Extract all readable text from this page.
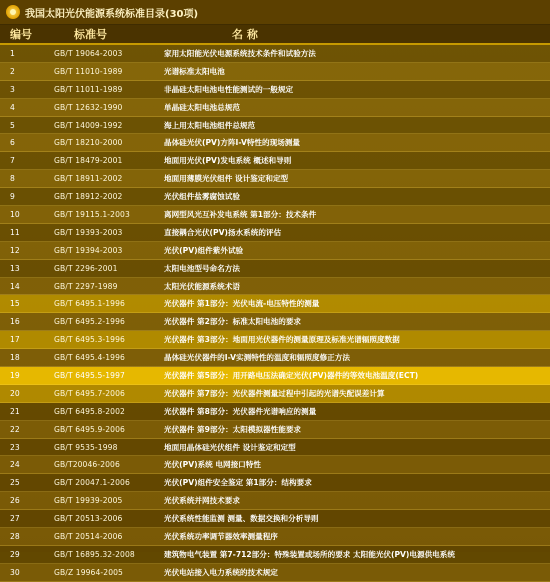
我国太阳光伏能源系统标准目录(30项)
编号	标准号	名 称
1	GB/T 19064-2003	家用太阳能光伏电源系统技术条件和试验方法
2	GB/T 11010-1989	光谱标准太阳电池
3	GB/T 11011-1989	非晶硅太阳电池电性能测试的一般规定
4	GB/T 12632-1990	单晶硅太阳电池总规范
5	GB/T 14009-1992	海上用太阳电池组件总规范
6	GB/T 18210-2000	晶体硅光伏(PV)方阵I-V特性的现场测量
7	GB/T 18479-2001	地面用光伏(PV)发电系统 概述和导则
8	GB/T 18911-2002	地面用薄膜光伏组件 设计鉴定和定型
9	GB/T 18912-2002	光伏组件盐雾腐蚀试验
10	GB/T 19115.1-2003	离网型风光互补发电系统 第1部分：技术条件
11	GB/T 19393-2003	直接耦合光伏(PV)扬水系统的评估
12	GB/T 19394-2003	光伏(PV)组件紫外试验
13	GB/T 2296-2001	太阳电池型号命名方法
14	GB/T 2297-1989	太阳光伏能源系统术语
15	GB/T 6495.1-1996	光伏器件 第1部分：光伏电流-电压特性的测量
16	GB/T 6495.2-1996	光伏器件 第2部分：标准太阳电池的要求
17	GB/T 6495.3-1996	光伏器件 第3部分：地面用光伏器件的测量原理及标准光谱辐照度数据
18	GB/T 6495.4-1996	晶体硅光伏器件的I-V实测特性的温度和辐照度修正方法
19	GB/T 6495.5-1997	光伏器件 第5部分：用开路电压法确定光伏(PV)器件的等效电池温度(ECT)
20	GB/T 6495.7-2006	光伏器件 第7部分：光伏器件测量过程中引起的光谱失配误差计算
21	GB/T 6495.8-2002	光伏器件 第8部分：光伏器件光谱响应的测量
22	GB/T 6495.9-2006	光伏器件 第9部分：太阳模拟器性能要求
23	GB/T 9535-1998	地面用晶体硅光伏组件 设计鉴定和定型
24	GB/T20046-2006	光伏(PV)系统 电网接口特性
25	GB/T 20047.1-2006	光伏(PV)组件安全鉴定 第1部分：结构要求
26	GB/T 19939-2005	光伏系统并网技术要求
27	GB/T 20513-2006	光伏系统性能监测 测量、数据交换和分析导则
28	GB/T 20514-2006	光伏系统功率调节器效率测量程序
29	GB/T 16895.32-2008	建筑物电气装置 第7-712部分：特殊装置或场所的要求 太阳能光伏(PV)电源供电系统
30	GB/Z 19964-2005	光伏电站接入电力系统的技术规定
